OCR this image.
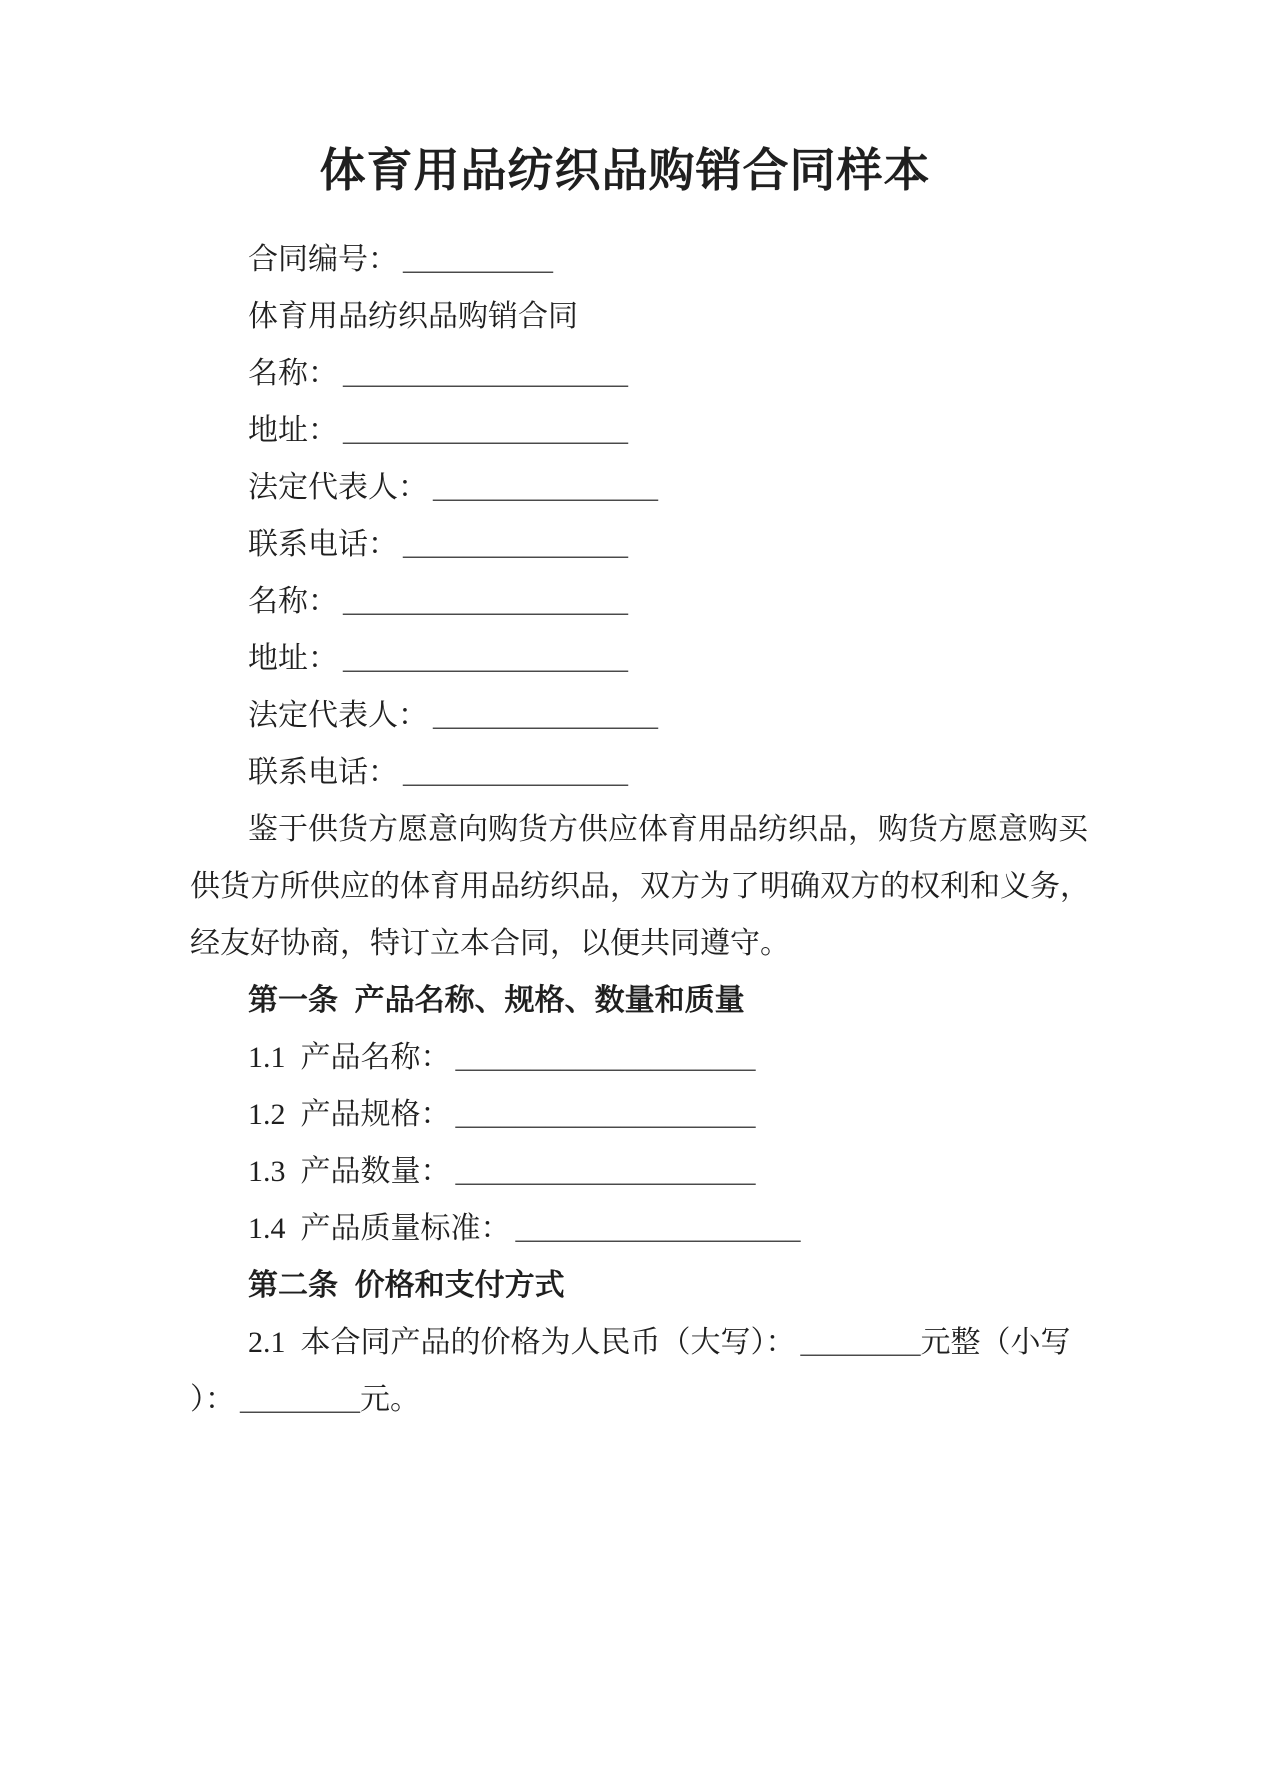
体育用品纺织品购销合同样本
合同编号： __________
体育用品纺织品购销合同
名称： ___________________
地址： ___________________
法定代表人： _______________
联系电话： _______________
名称： ___________________
地址： ___________________
法定代表人： _______________
联系电话： _______________
鉴于供货方愿意向购货方供应体育用品纺织品，购货方愿意购买
供货方所供应的体育用品纺织品，双方为了明确双方的权利和义务，
经友好协商，特订立本合同，以便共同遵守。
第一条  产品名称、规格、数量和质量
1.1  产品名称： ____________________
1.2  产品规格： ____________________
1.3  产品数量： ____________________
1.4  产品质量标准： ___________________
第二条  价格和支付方式
2.1  本合同产品的价格为人民币（大写）： ________元整（小写
）： ________元。
